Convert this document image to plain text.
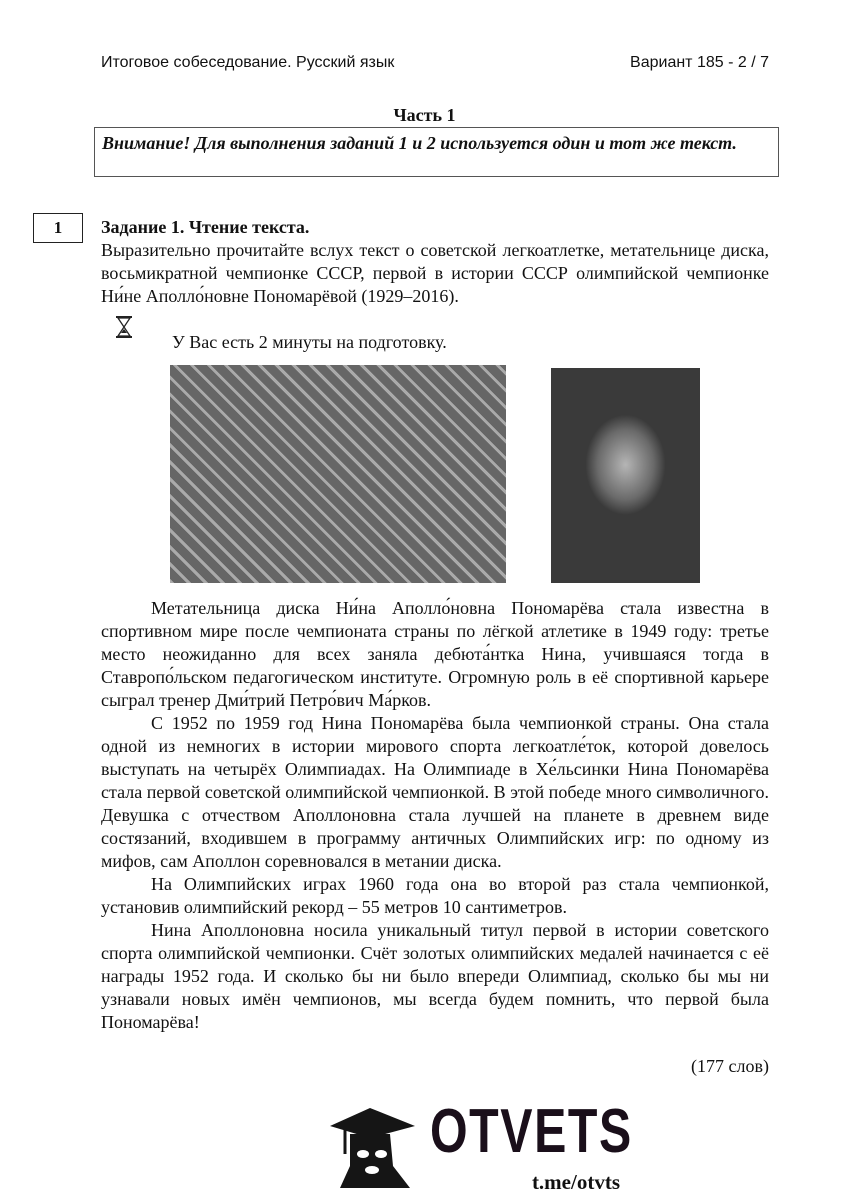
Итоговое собеседование. Русский язык	Вариант 185 - 2 / 7
Часть 1
Внимание! Для выполнения заданий 1 и 2 используется один и тот же текст.
1	Задание 1. Чтение текста.

Выразительно прочитайте вслух текст о советской легкоатлетке, метательнице диска, восьмикратной чемпионке СССР, первой в истории СССР олимпийской чемпионке Ни́не Аполло́новне Пономарёвой (1929–2016).

У Вас есть 2 минуты на подготовку.

Метательница диска Ни́на Аполло́новна Пономарёва стала известна в спортивном мире после чемпионата страны по лёгкой атлетике в 1949 году: третье место неожиданно для всех заняла дебюта́нтка Нина, учившаяся тогда в Ставропо́льском педагогическом институте. Огромную роль в её спортивной карьере сыграл тренер Дми́трий Петро́вич Ма́рков.

С 1952 по 1959 год Нина Пономарёва была чемпионкой страны. Она стала одной из немногих в истории мирового спорта легкоатле́ток, которой довелось выступать на четырёх Олимпиадах. На Олимпиаде в Хе́льсинки Нина Пономарёва стала первой советской олимпийской чемпионкой. В этой победе много символичного. Девушка с отчеством Аполлоновна стала лучшей на планете в древнем виде состязаний, входившем в программу античных Олимпийских игр: по одному из мифов, сам Аполлон соревновался в метании диска.

На Олимпийских играх 1960 года она во второй раз стала чемпионкой, установив олимпийский рекорд – 55 метров 10 сантиметров.

Нина Аполлоновна носила уникальный титул первой в истории советского спорта олимпийской чемпионки. Счёт золотых олимпийских медалей начинается с её награды 1952 года. И сколько бы ни было впереди Олимпиад, сколько бы мы ни узнавали новых имён чемпионов, мы всегда будем помнить, что первой была Пономарёва!

(177 слов)
OTVETS
t.me/otvts
